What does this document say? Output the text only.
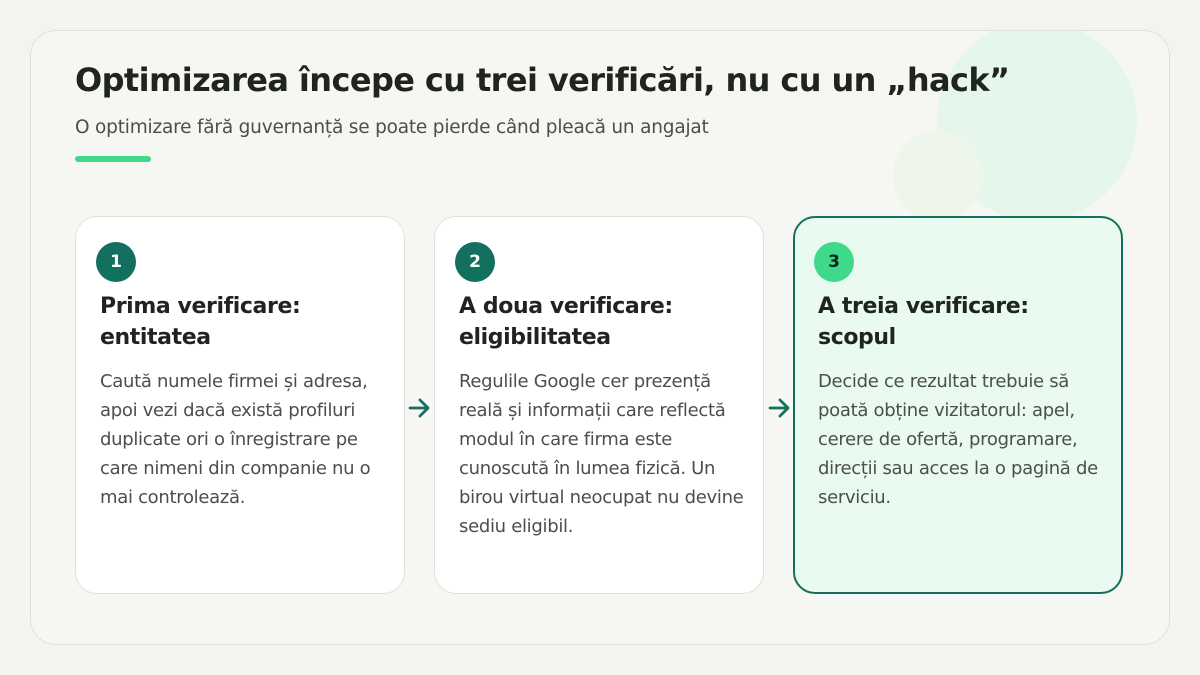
Optimizarea începe cu trei verificări, nu cu un „hack”

O optimizare fără guvernanță se poate pierde când pleacă un angajat

1
Prima verificare: entitatea

Caută numele firmei și adresa, apoi vezi dacă există profiluri duplicate ori o înregistrare pe care nimeni din companie nu o mai controlează.

2
A doua verificare: eligibilitatea

Regulile Google cer prezență reală și informații care reflectă modul în care firma este cunoscută în lumea fizică. Un birou virtual neocupat nu devine sediu eligibil.

3
A treia verificare: scopul

Decide ce rezultat trebuie să poată obține vizitatorul: apel, cerere de ofertă, programare, direcții sau acces la o pagină de serviciu.
